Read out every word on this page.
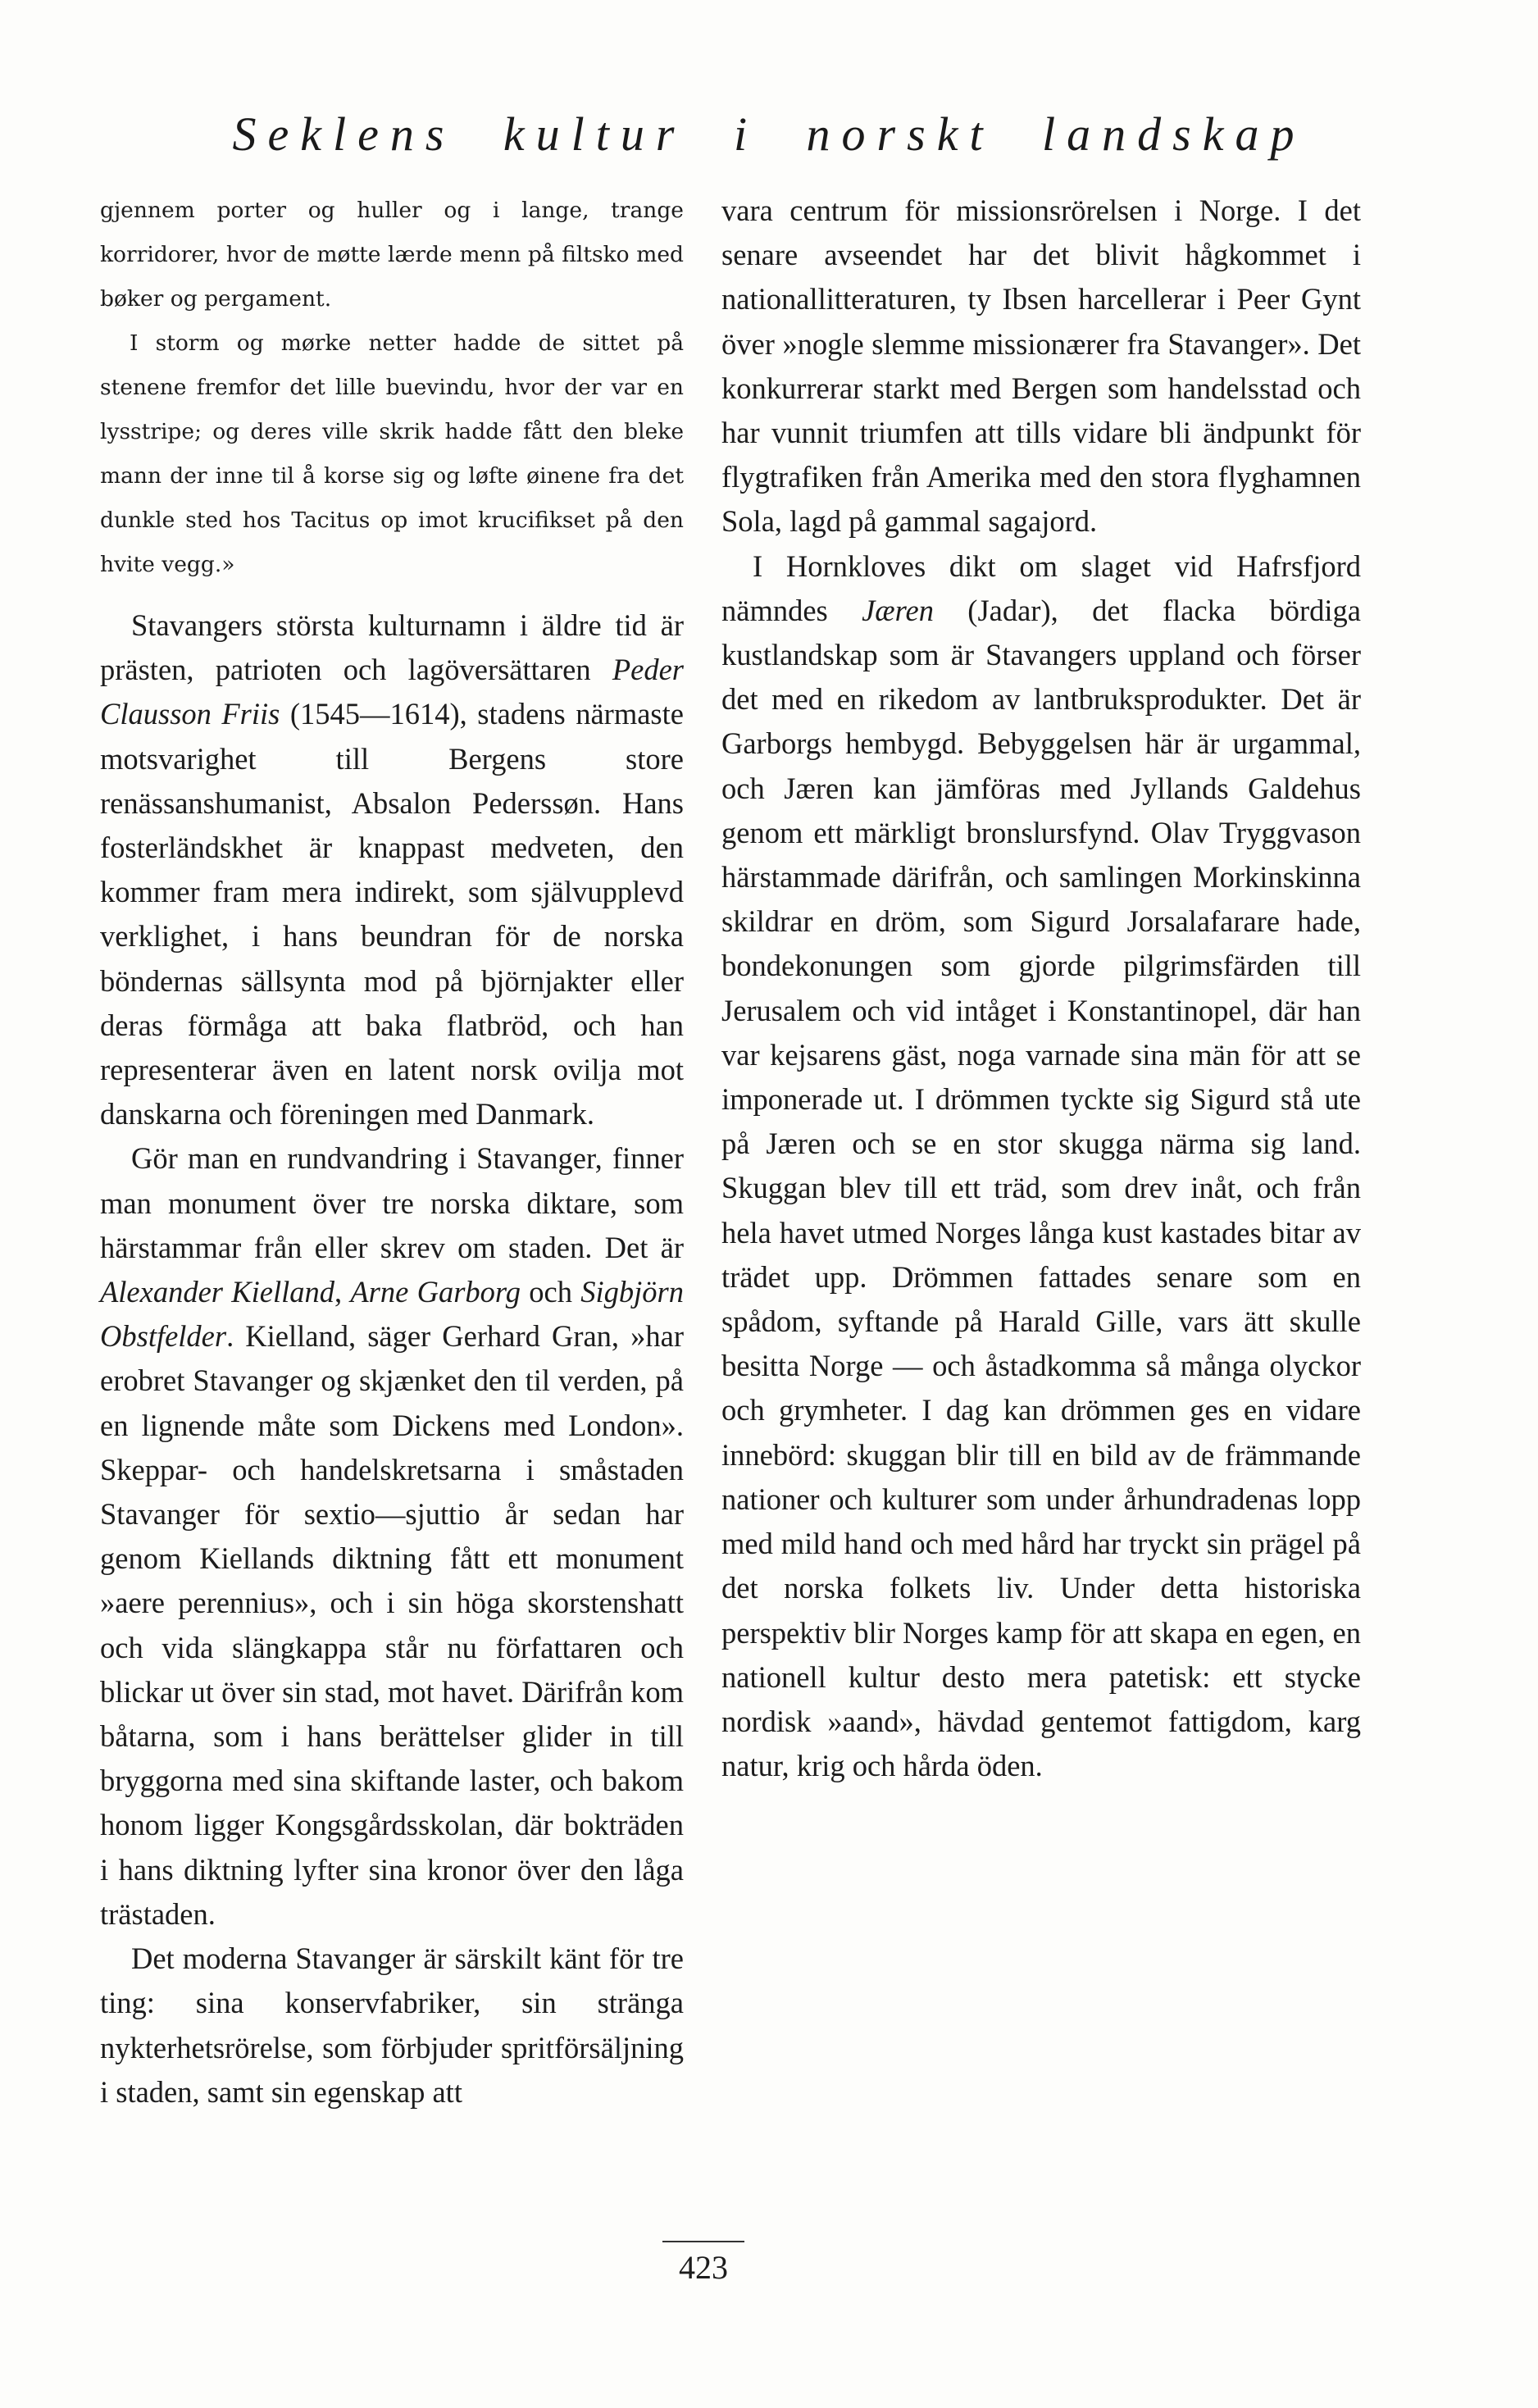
Seklens kultur i norskt landskap

gjennem porter og huller og i lange, trange korridorer, hvor de møtte lærde menn på filtsko med bøker og pergament.

I storm og mørke netter hadde de sittet på stenene fremfor det lille buevindu, hvor der var en lysstripe; og deres ville skrik hadde fått den bleke mann der inne til å korse sig og løfte øinene fra det dunkle sted hos Tacitus op imot krucifikset på den hvite vegg.»

Stavangers största kulturnamn i äldre tid är prästen, patrioten och lagöversättaren Peder Clausson Friis (1545—1614), stadens närmaste motsvarighet till Bergens store renässanshumanist, Absalon Pederssøn. Hans fosterländskhet är knappast medveten, den kommer fram mera indirekt, som självupplevd verklighet, i hans beundran för de norska böndernas sällsynta mod på björnjakter eller deras förmåga att baka flatbröd, och han representerar även en latent norsk ovilja mot danskarna och föreningen med Danmark.

Gör man en rundvandring i Stavanger, finner man monument över tre norska diktare, som härstammar från eller skrev om staden. Det är Alexander Kielland, Arne Garborg och Sigbjörn Obstfelder. Kielland, säger Gerhard Gran, »har erobret Stavanger og skjænket den til verden, på en lignende måte som Dickens med London». Skeppar- och handelskretsarna i småstaden Stavanger för sextio—sjuttio år sedan har genom Kiellands diktning fått ett monument »aere perennius», och i sin höga skorstenshatt och vida slängkappa står nu författaren och blickar ut över sin stad, mot havet. Därifrån kom båtarna, som i hans berättelser glider in till bryggorna med sina skiftande laster, och bakom honom ligger Kongsgårdsskolan, där bokträden i hans diktning lyfter sina kronor över den låga trästaden.

Det moderna Stavanger är särskilt känt för tre ting: sina konservfabriker, sin stränga nykterhetsrörelse, som förbjuder spritförsäljning i staden, samt sin egenskap att

vara centrum för missionsrörelsen i Norge. I det senare avseendet har det blivit hågkommet i nationallitteraturen, ty Ibsen harcellerar i Peer Gynt över »nogle slemme missionærer fra Stavanger». Det konkurrerar starkt med Bergen som handelsstad och har vunnit triumfen att tills vidare bli ändpunkt för flygtrafiken från Amerika med den stora flyghamnen Sola, lagd på gammal sagajord.

I Hornkloves dikt om slaget vid Hafrsfjord nämndes Jæren (Jadar), det flacka bördiga kustlandskap som är Stavangers uppland och förser det med en rikedom av lantbruksprodukter. Det är Garborgs hembygd. Bebyggelsen här är urgammal, och Jæren kan jämföras med Jyllands Galdehus genom ett märkligt bronslursfynd. Olav Tryggvason härstammade därifrån, och samlingen Morkinskinna skildrar en dröm, som Sigurd Jorsalafarare hade, bondekonungen som gjorde pilgrimsfärden till Jerusalem och vid intåget i Konstantinopel, där han var kejsarens gäst, noga varnade sina män för att se imponerade ut. I drömmen tyckte sig Sigurd stå ute på Jæren och se en stor skugga närma sig land. Skuggan blev till ett träd, som drev inåt, och från hela havet utmed Norges långa kust kastades bitar av trädet upp. Drömmen fattades senare som en spådom, syftande på Harald Gille, vars ätt skulle besitta Norge — och åstadkomma så många olyckor och grymheter. I dag kan drömmen ges en vidare innebörd: skuggan blir till en bild av de främmande nationer och kulturer som under århundradenas lopp med mild hand och med hård har tryckt sin prägel på det norska folkets liv. Under detta historiska perspektiv blir Norges kamp för att skapa en egen, en nationell kultur desto mera patetisk: ett stycke nordisk »aand», hävdad gentemot fattigdom, karg natur, krig och hårda öden.

423
